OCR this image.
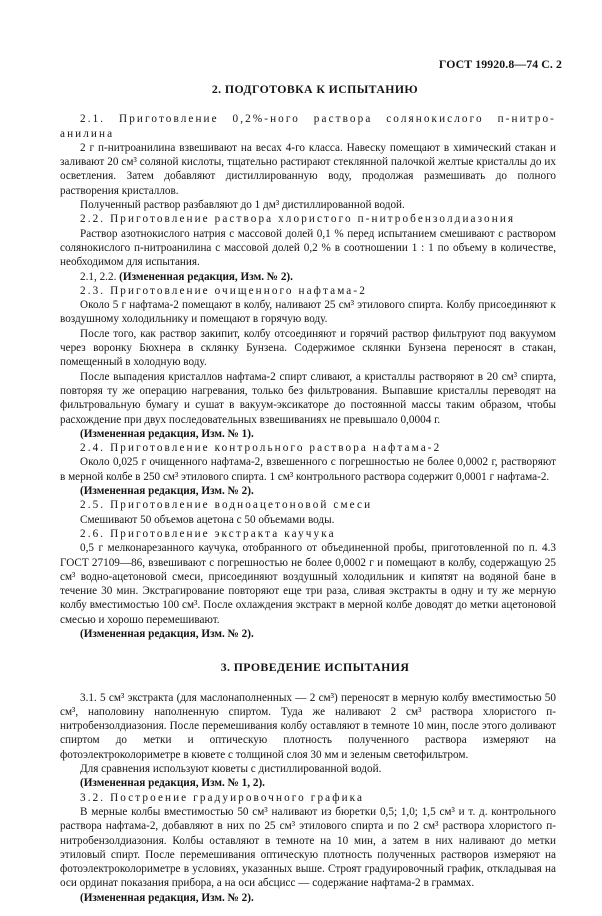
ГОСТ 19920.8—74 С. 2
2. ПОДГОТОВКА К ИСПЫТАНИЮ

2.1. Приготовление 0,2%-ного раствора солянокислого п-нитро-анилина

2 г п-нитроанилина взвешивают на весах 4-го класса. Навеску помещают в химический стакан и заливают 20 см³ соляной кислоты, тщательно растирают стеклянной палочкой желтые кристаллы до их осветления. Затем добавляют дистиллированную воду, продолжая размешивать до полного растворения кристаллов.

Полученный раствор разбавляют до 1 дм³ дистиллированной водой.

2.2. Приготовление раствора хлористого п-нитробензолдиазония

Раствор азотнокислого натрия с массовой долей 0,1 % перед испытанием смешивают с раствором солянокислого п-нитроанилина с массовой долей 0,2 % в соотношении 1 : 1 по объему в количестве, необходимом для испытания.

2.1, 2.2. (Измененная редакция, Изм. № 2).

2.3. Приготовление очищенного нафтама-2

Около 5 г нафтама-2 помещают в колбу, наливают 25 см³ этилового спирта. Колбу присоединяют к воздушному холодильнику и помещают в горячую воду.

После того, как раствор закипит, колбу отсоединяют и горячий раствор фильтруют под вакуумом через воронку Бюхнера в склянку Бунзена. Содержимое склянки Бунзена переносят в стакан, помещенный в холодную воду.

После выпадения кристаллов нафтама-2 спирт сливают, а кристаллы растворяют в 20 см³ спирта, повторяя ту же операцию нагревания, только без фильтрования. Выпавшие кристаллы переводят на фильтровальную бумагу и сушат в вакуум-эксикаторе до постоянной массы таким образом, чтобы расхождение при двух последовательных взвешиваниях не превышало 0,0004 г.

(Измененная редакция, Изм. № 1).

2.4. Приготовление контрольного раствора нафтама-2

Около 0,025 г очищенного нафтама-2, взвешенного с погрешностью не более 0,0002 г, растворяют в мерной колбе в 250 см³ этилового спирта. 1 см³ контрольного раствора содержит 0,0001 г нафтама-2.

(Измененная редакция, Изм. № 2).

2.5. Приготовление водноацетоновой смеси

Смешивают 50 объемов ацетона с 50 объемами воды.

2.6. Приготовление экстракта каучука

0,5 г мелконарезанного каучука, отобранного от объединенной пробы, приготовленной по п. 4.3 ГОСТ 27109—86, взвешивают с погрешностью не более 0,0002 г и помещают в колбу, содержащую 25 см³ водно-ацетоновой смеси, присоединяют воздушный холодильник и кипятят на водяной бане в течение 30 мин. Экстрагирование повторяют еще три раза, сливая экстракты в одну и ту же мерную колбу вместимостью 100 см³. После охлаждения экстракт в мерной колбе доводят до метки ацетоновой смесью и хорошо перемешивают.

(Измененная редакция, Изм. № 2).

3. ПРОВЕДЕНИЕ ИСПЫТАНИЯ

3.1. 5 см³ экстракта (для маслонаполненных — 2 см³) переносят в мерную колбу вместимостью 50 см³, наполовину наполненную спиртом. Туда же наливают 2 см³ раствора хлористого п-нитробензолдиазония. После перемешивания колбу оставляют в темноте 10 мин, после этого доливают спиртом до метки и оптическую плотность полученного раствора измеряют на фотоэлектроколориметре в кювете с толщиной слоя 30 мм и зеленым светофильтром.

Для сравнения используют кюветы с дистиллированной водой.

(Измененная редакция, Изм. № 1, 2).

3.2. Построение градуировочного графика

В мерные колбы вместимостью 50 см³ наливают из бюретки 0,5; 1,0; 1,5 см³ и т. д. контрольного раствора нафтама-2, добавляют в них по 25 см³ этилового спирта и по 2 см³ раствора хлористого п-нитробензолдиазония. Колбы оставляют в темноте на 10 мин, а затем в них наливают до метки этиловый спирт. После перемешивания оптическую плотность полученных растворов измеряют на фотоэлектроколориметре в условиях, указанных выше. Строят градуировочный график, откладывая на оси ординат показания прибора, а на оси абсцисс — содержание нафтама-2 в граммах.

(Измененная редакция, Изм. № 2).
